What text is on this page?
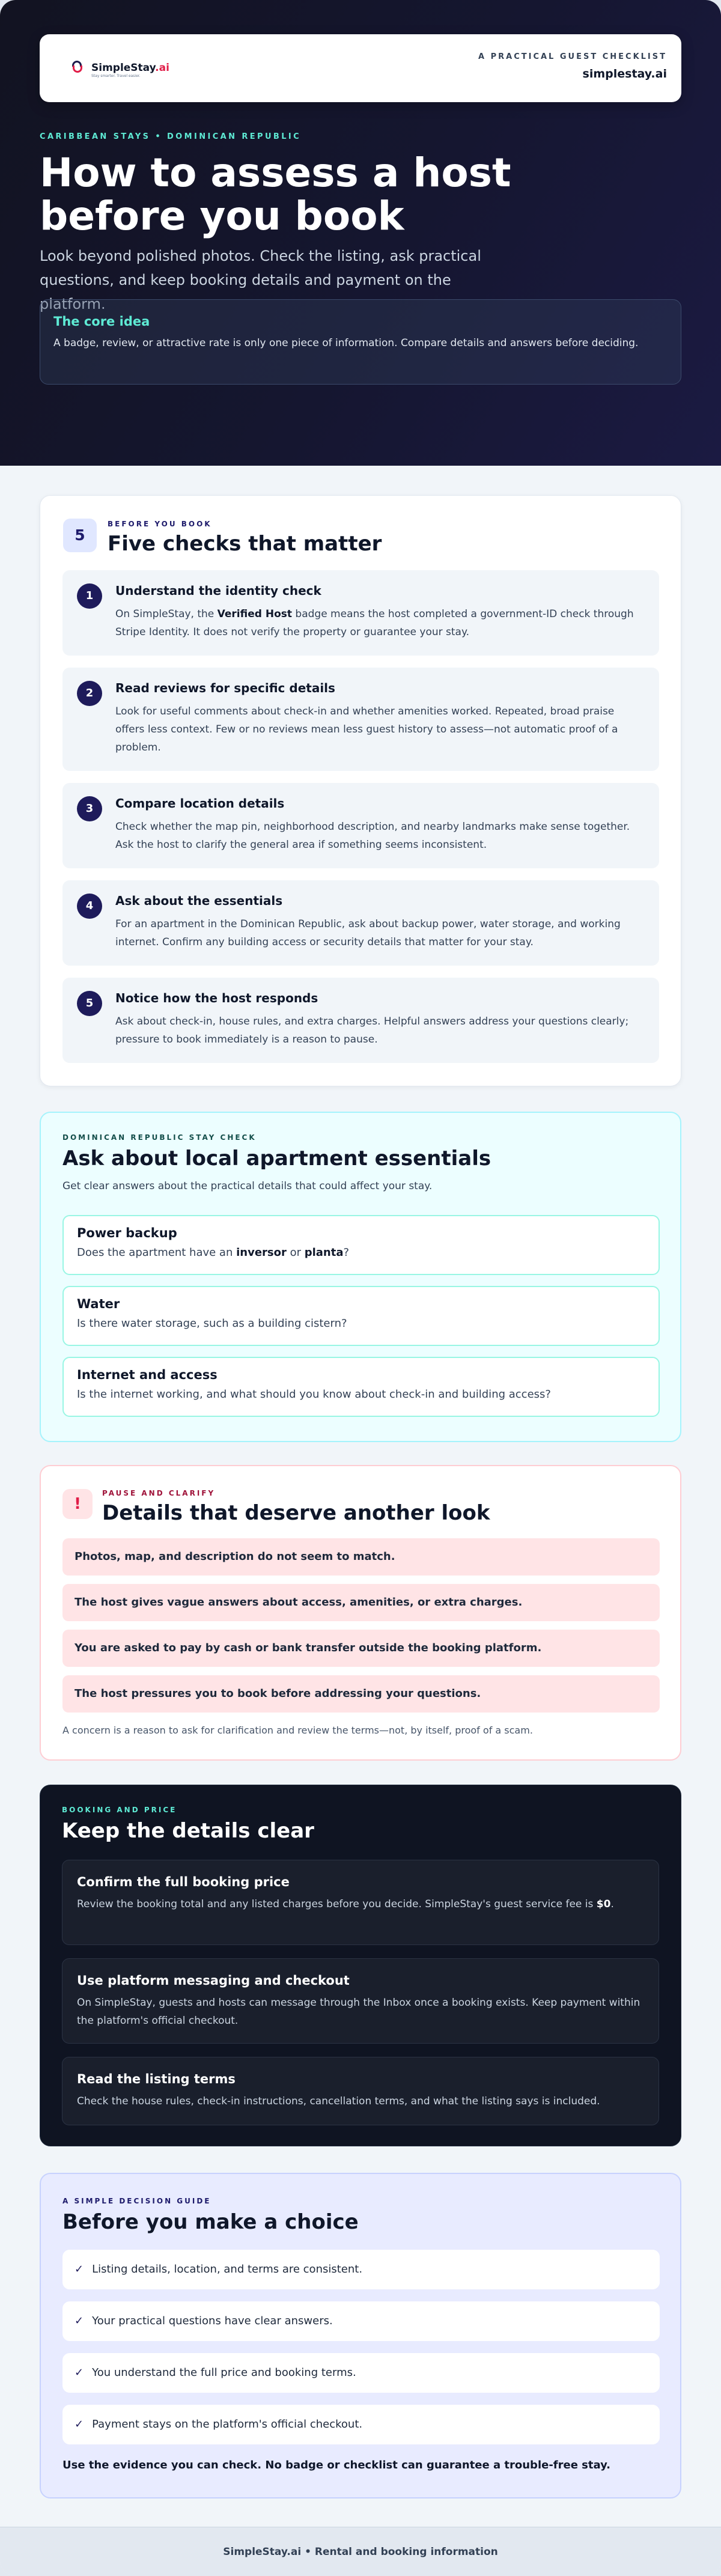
SimpleStay.ai
Stay smarter. Travel easier.
A PRACTICAL GUEST CHECKLIST
simplestay.ai
CARIBBEAN STAYS • DOMINICAN REPUBLIC
How to assess a host before you book

Look beyond polished photos. Check the listing, ask practical questions, and keep booking details and payment on the platform.

The core idea
A badge, review, or attractive rate is only one piece of information. Compare details and answers before deciding.
5
BEFORE YOU BOOK
Five checks that matter
1	Understand the identity check
On SimpleStay, the Verified Host badge means the host completed a government-ID check through Stripe Identity. It does not verify the property or guarantee your stay.
2	Read reviews for specific details
Look for useful comments about check-in and whether amenities worked. Repeated, broad praise offers less context. Few or no reviews mean less guest history to assess—not automatic proof of a problem.
3	Compare location details
Check whether the map pin, neighborhood description, and nearby landmarks make sense together. Ask the host to clarify the general area if something seems inconsistent.
4	Ask about the essentials
For an apartment in the Dominican Republic, ask about backup power, water storage, and working internet. Confirm any building access or security details that matter for your stay.
5	Notice how the host responds
Ask about check-in, house rules, and extra charges. Helpful answers address your questions clearly; pressure to book immediately is a reason to pause.
DOMINICAN REPUBLIC STAY CHECK
Ask about local apartment essentials
Get clear answers about the practical details that could affect your stay.
Power backup
Does the apartment have an inversor or planta?
Water
Is there water storage, such as a building cistern?
Internet and access
Is the internet working, and what should you know about check-in and building access?
!
PAUSE AND CLARIFY
Details that deserve another look
Photos, map, and description do not seem to match.
The host gives vague answers about access, amenities, or extra charges.
You are asked to pay by cash or bank transfer outside the booking platform.
The host pressures you to book before addressing your questions.
A concern is a reason to ask for clarification and review the terms—not, by itself, proof of a scam.
BOOKING AND PRICE
Keep the details clear
Confirm the full booking price
Review the booking total and any listed charges before you decide. SimpleStay's guest service fee is $0.
Use platform messaging and checkout
On SimpleStay, guests and hosts can message through the Inbox once a booking exists. Keep payment within the platform's official checkout.
Read the listing terms
Check the house rules, check-in instructions, cancellation terms, and what the listing says is included.
A SIMPLE DECISION GUIDE
Before you make a choice
✓ Listing details, location, and terms are consistent.
✓ Your practical questions have clear answers.
✓ You understand the full price and booking terms.
✓ Payment stays on the platform's official checkout.
Use the evidence you can check. No badge or checklist can guarantee a trouble-free stay.
SimpleStay.ai • Rental and booking information
